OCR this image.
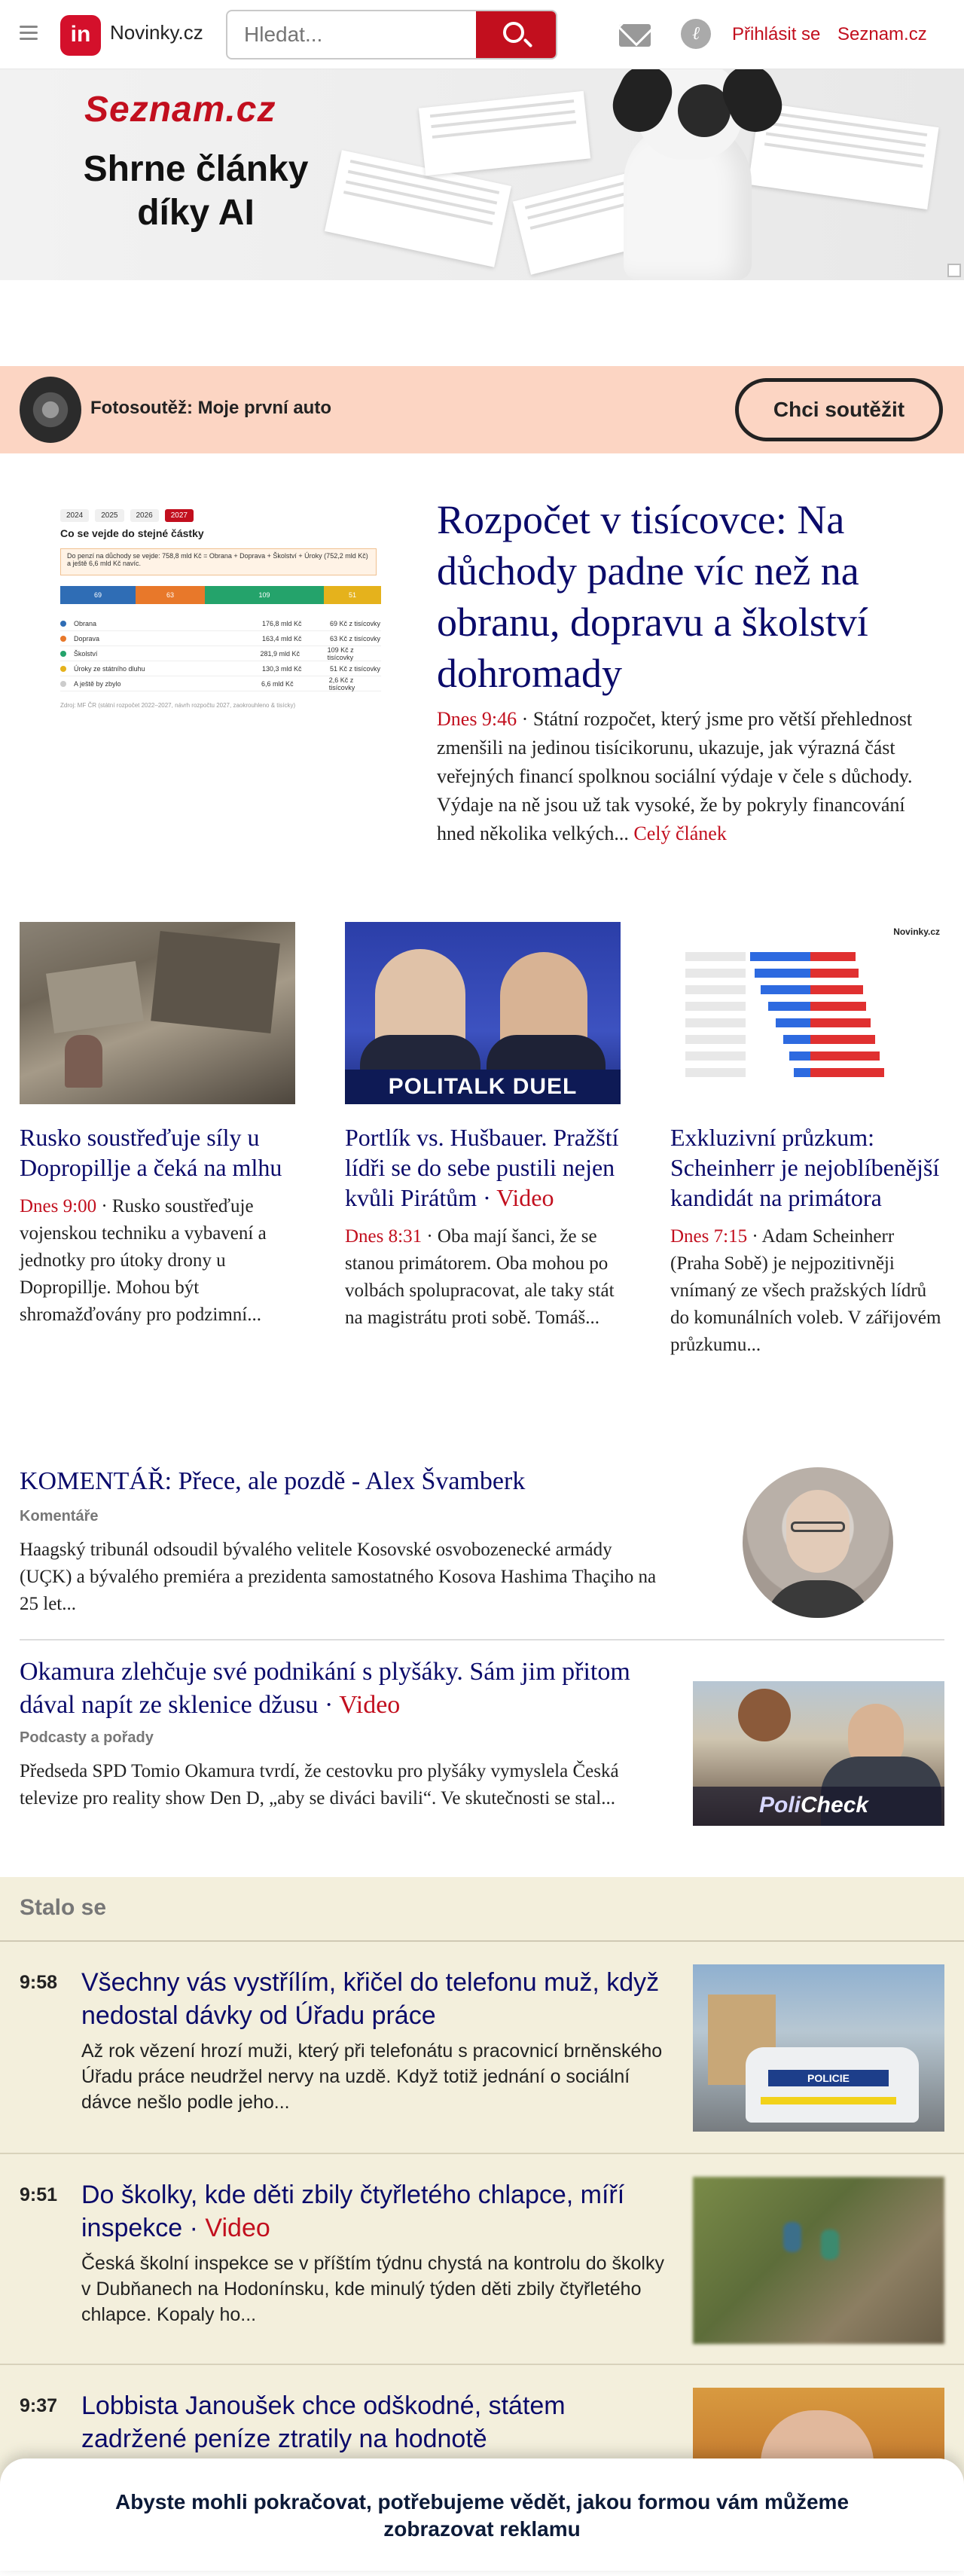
in Novinky.cz
Hledat...	ℓ	Přihlásit se Seznam.cz
Seznam.cz
Shrne články díky AI
Fotosoutěž: Moje první auto	Chci soutěžit
2024	2025	2026	2027
Co se vejde do stejné částky
Do penzí na důchody se vejde: 758,8 mld Kč = Obrana + Doprava + Školství + Úroky (752,2 mld Kč) a ještě 6,6 mld Kč navíc.
69	63	109	51
Obrana	176,8 mld Kč	69 Kč z tisícovky
Doprava	163,4 mld Kč	63 Kč z tisícovky
Školství	281,9 mld Kč	109 Kč z tisícovky
Úroky ze státního dluhu	130,3 mld Kč	51 Kč z tisícovky
A ještě by zbylo	6,6 mld Kč	2,6 Kč z tisícovky
Zdroj: MF ČR (státní rozpočet 2022–2027, návrh rozpočtu 2027, zaokrouhleno & tisícky)
Rozpočet v tisícovce: Na důchody padne víc než na obranu, dopravu a školství dohromady
Dnes 9:46 · Státní rozpočet, který jsme pro větší přehlednost zmenšili na jedinou tisícikorunu, ukazuje, jak výrazná část veřejných financí spolknou sociální výdaje v čele s důchody. Výdaje na ně jsou už tak vysoké, že by pokryly financování hned několika velkých... Celý článek
Rusko soustřeďuje síly u Dopropillje a čeká na mlhu
Dnes 9:00 · Rusko soustřeďuje vojenskou techniku a vybavení a jednotky pro útoky drony u Dopropillje. Mohou být shromažďovány pro podzimní...
POLITALK DUEL
Portlík vs. Hušbauer. Pražští lídři se do sebe pustili nejen kvůli Pirátům · Video
Dnes 8:31 · Oba mají šanci, že se stanou primátorem. Oba mohou po volbách spolupracovat, ale taky stát na magistrátu proti sobě. Tomáš...
Novinky.cz
Exkluzivní průzkum: Scheinherr je nejoblíbenější kandidát na primátora
Dnes 7:15 · Adam Scheinherr (Praha Sobě) je nejpozitivněji vnímaný ze všech pražských lídrů do komunálních voleb. V zářijovém průzkumu...
KOMENTÁŘ: Přece, ale pozdě - Alex Švamberk
Komentáře
Haagský tribunál odsoudil bývalého velitele Kosovské osvobozenecké armády (UÇK) a bývalého premiéra a prezidenta samostatného Kosova Hashima Thaçiho na 25 let...
Okamura zlehčuje své podnikání s plyšáky. Sám jim přitom dával napít ze sklenice džusu · Video
Podcasty a pořady
Předseda SPD Tomio Okamura tvrdí, že cestovku pro plyšáky vymyslela Česká televize pro reality show Den D, „aby se diváci bavili“. Ve skutečnosti se stal...	PoliCheck
Stalo se
9:58 Všechny vás vystřílím, křičel do telefonu muž, když nedostal dávky od Úřadu práce
Až rok vězení hrozí muži, který při telefonátu s pracovnicí brněnského Úřadu práce neudržel nervy na uzdě. Když totiž jednání o sociální dávce nešlo podle jeho...
POLICIE
9:51 Do školky, kde děti zbily čtyřletého chlapce, míří inspekce · Video
Česká školní inspekce se v příštím týdnu chystá na kontrolu do školky v Dubňanech na Hodonínsku, kde minulý týden děti zbily čtyřletého chlapce. Kopaly ho...
9:37 Lobbista Janoušek chce odškodné, státem zadržené peníze ztratily na hodnotě
Abyste mohli pokračovat, potřebujeme vědět, jakou formou vám můžeme zobrazovat reklamu
